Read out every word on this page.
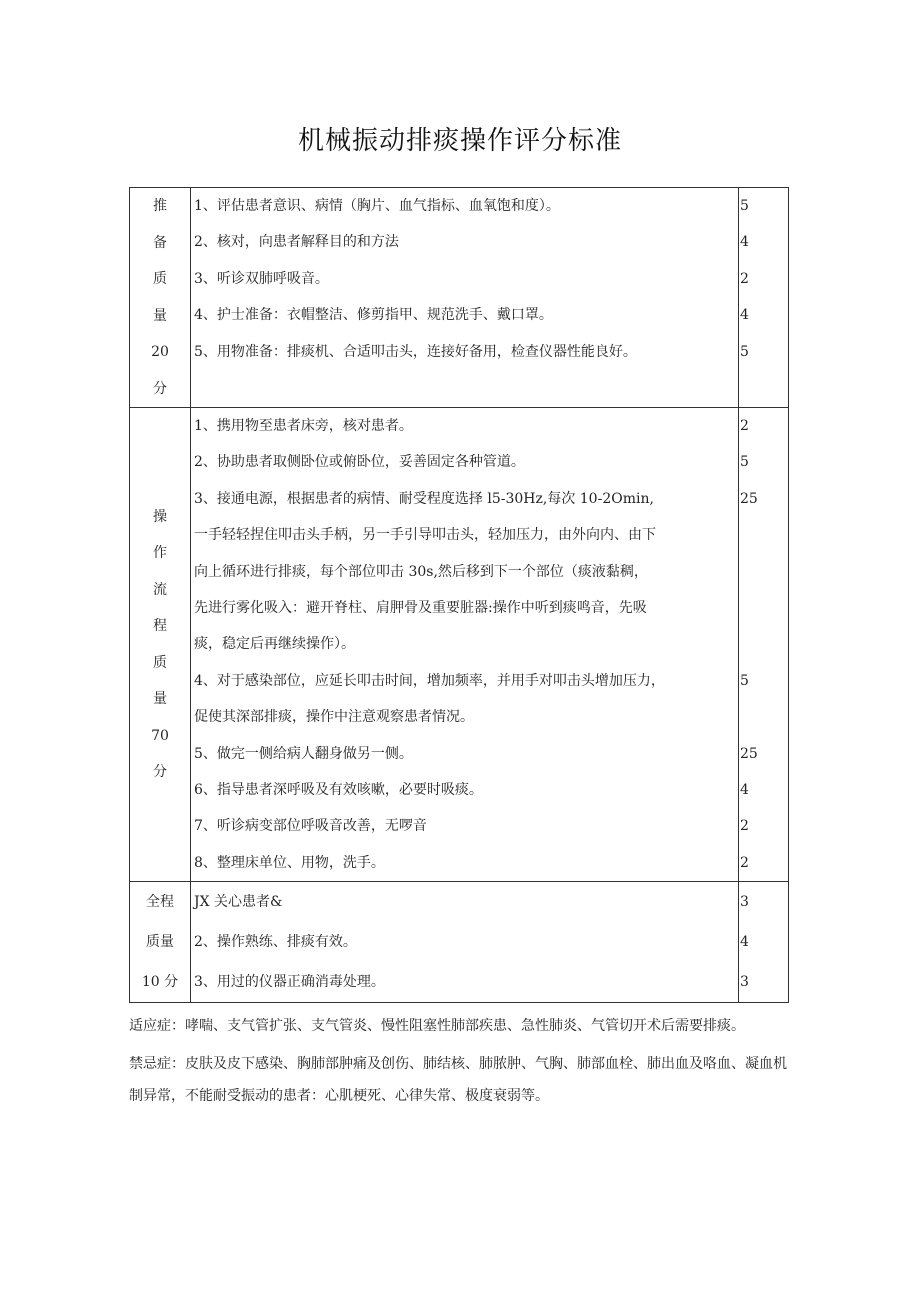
机械振动排痰操作评分标准
推
备
质
量
20
分
1、评估患者意识、病情（胸片、血气指标、血氧饱和度）。
2、核对，向患者解释目的和方法
3、听诊双肺呼吸音。
4、护士准备：衣帽整洁、修剪指甲、规范洗手、戴口罩。
5、用物准备：排痰机、合适叩击头，连接好备用，检查仪器性能良好。
5
4
2
4
5
操
作
流
程
质
量
70
分
1、携用物至患者床旁，核对患者。
2、协助患者取侧卧位或俯卧位，妥善固定各种管道。
3、接通电源，根据患者的病情、耐受程度选择 l5-30Hz,每次 10-2Omin,
一手轻轻捏住叩击头手柄，另一手引导叩击头，轻加压力，由外向内、由下
向上循环进行排痰，每个部位叩击 30s,然后移到下一个部位（痰液黏稠，
先进行雾化吸入：避开脊柱、肩胛骨及重要脏器:操作中听到痰鸣音，先吸
痰，稳定后再继续操作）。
4、对于感染部位，应延长叩击时间，增加频率，并用手对叩击头增加压力，
促使其深部排痰，操作中注意观察患者情况。
5、做完一侧给病人翻身做另一侧。
6、指导患者深呼吸及有效咳嗽，必要时吸痰。
7、听诊病变部位呼吸音改善，无啰音
8、整理床单位、用物，洗手。
2
5
25
5
25
4
2
2
全程
质量
10 分
JX 关心患者&
2、操作熟练、排痰有效。
3、用过的仪器正确消毒处理。
3
4
3

适应症：哮喘、支气管扩张、支气管炎、慢性阻塞性肺部疾患、急性肺炎、气管切开术后需要排痰。

禁忌症：皮肤及皮下感染、胸肺部肿痛及创伤、肺结核、肺脓肿、气胸、肺部血栓、肺出血及咯血、凝血机制异常，不能耐受振动的患者：心肌梗死、心律失常、极度衰弱等。
